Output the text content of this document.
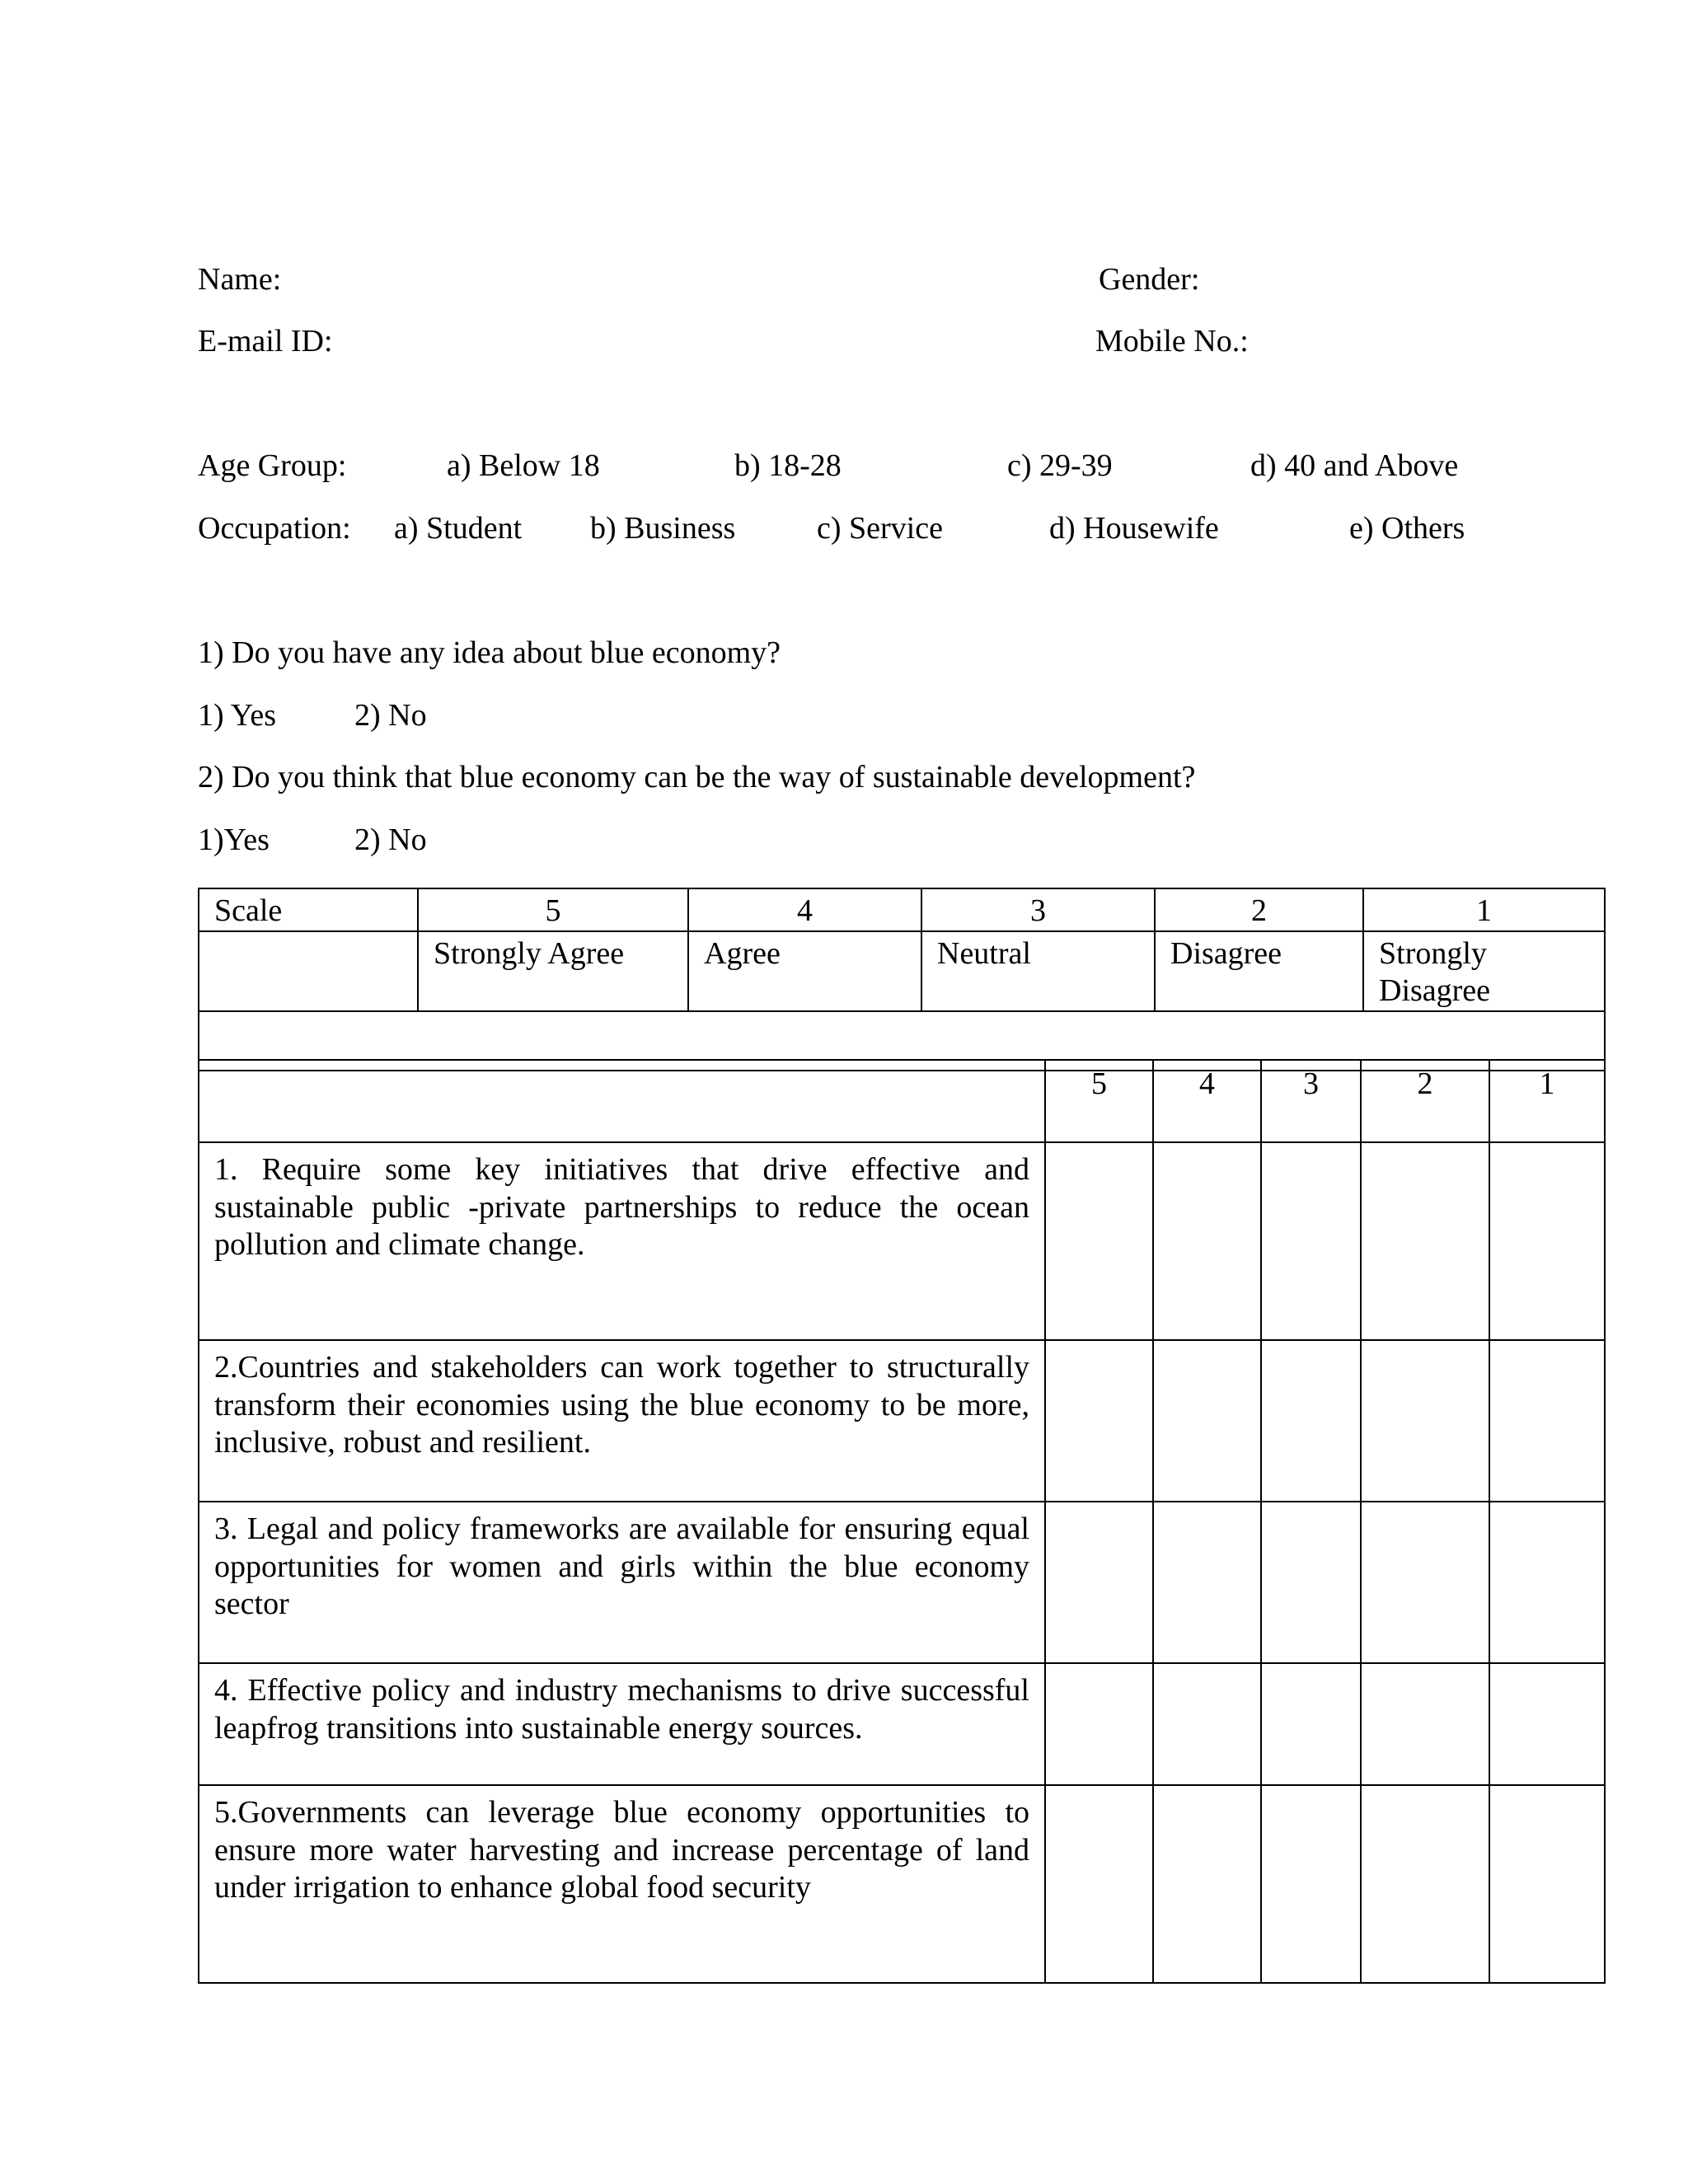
Name:	Gender:
E-mail ID:	Mobile No.:
Age Group:	a) Below 18	b) 18-28	c) 29-39	d) 40 and Above
Occupation: a) Student b) Business	c) Service	d) Housewife	e) Others
1) Do you have any idea about blue economy?
1) Yes 2) No
2) Do you think that blue economy can be the way of sustainable development?
1)Yes	2) No
Scale	5	4	3	2	1
	Strongly Agree	Agree	Neutral	Disagree	Strongly Disagree

	5	4	3	2	1
1. Require some key initiatives that drive effective and sustainable public -private partnerships to reduce the ocean pollution and climate change.					
2.Countries and stakeholders can work together to structurally transform their economies using the blue economy to be more, inclusive, robust and resilient.					
3. Legal and policy frameworks are available for ensuring equal opportunities for women and girls within the blue economy sector					
4. Effective policy and industry mechanisms to drive successful leapfrog transitions into sustainable energy sources.					
5.Governments can leverage blue economy opportunities to ensure more water harvesting and increase percentage of land under irrigation to enhance global food security					
